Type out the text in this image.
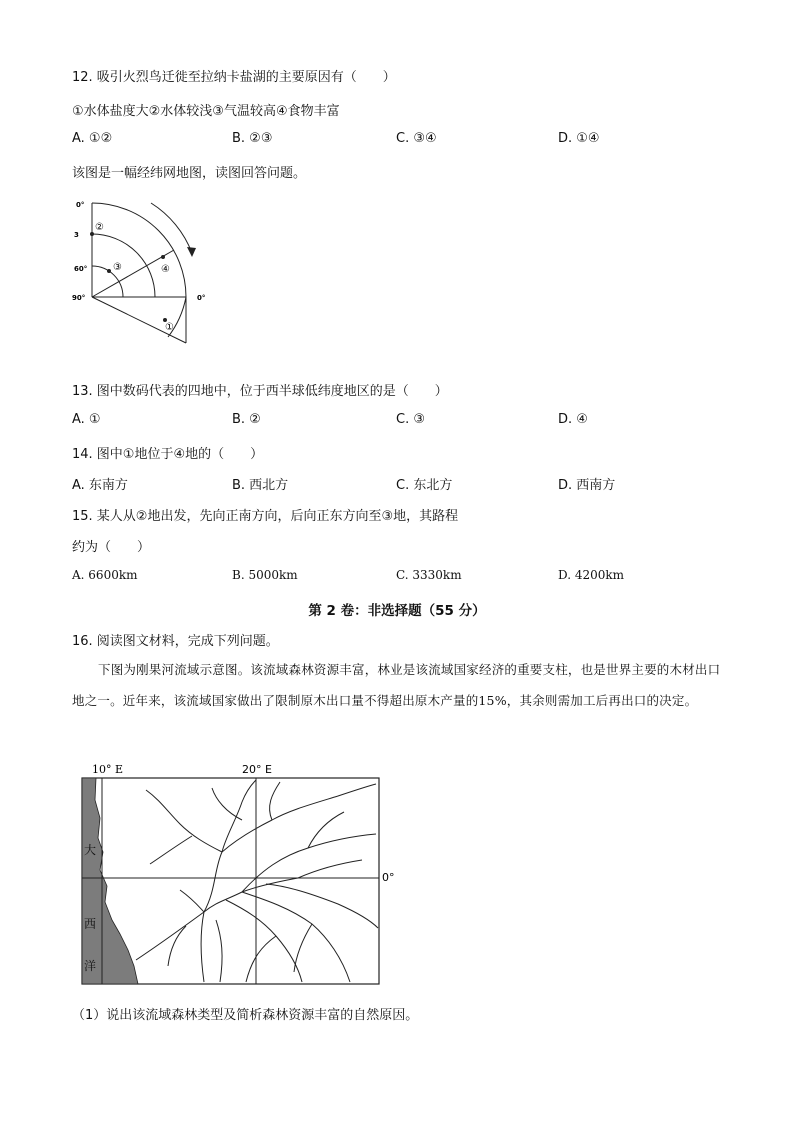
12. 吸引火烈鸟迁徙至拉纳卡盐湖的主要原因有（　　）
①水体盐度大②水体较浅③气温较高④食物丰富
A. ①②	B. ②③	C. ③④	D. ①④
该图是一幅经纬网地图，读图回答问题。
0°
3
60°
90°	0°
②
③	④
①
13. 图中数码代表的四地中，位于西半球低纬度地区的是（　　）
A. ①	B. ②	C. ③	D. ④
14. 图中①地位于④地的（　　）
A. 东南方	B. 西北方	C. 东北方	D. 西南方
15. 某人从②地出发，先向正南方向，后向正东方向至③地，其路程
约为（　　）
A. 6600km	B. 5000km	C. 3330km	D. 4200km
第 2 卷：非选择题（55 分）
16. 阅读图文材料，完成下列问题。
下图为刚果河流域示意图。该流域森林资源丰富，林业是该流域国家经济的重要支柱，也是世界主要的木材出口地之一。近年来，该流域国家做出了限制原木出口量不得超出原木产量的15%，其余则需加工后再出口的决定。
10° E	20° E
0°
大
西
洋
（1）说出该流域森林类型及简析森林资源丰富的自然原因。
